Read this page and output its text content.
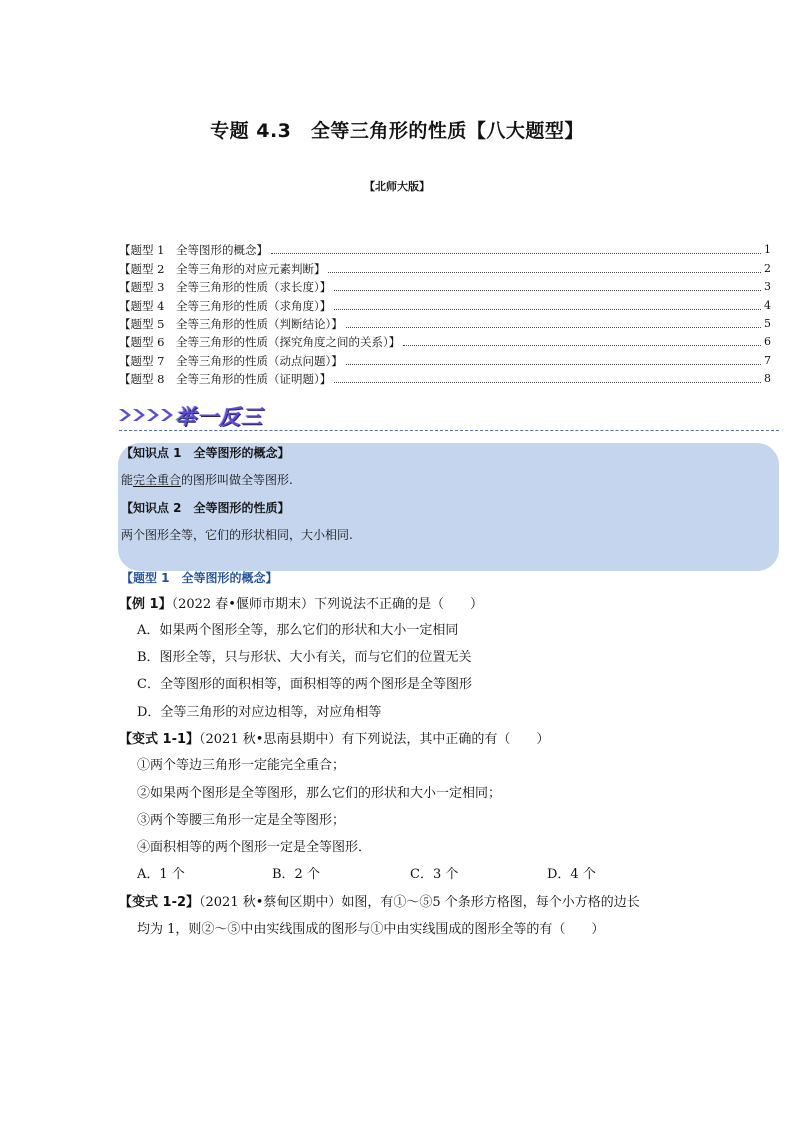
专题 4.3　全等三角形的性质【八大题型】
【北师大版】
【题型 1　全等图形的概念】	1
【题型 2　全等三角形的对应元素判断】	2
【题型 3　全等三角形的性质（求长度）】	3
【题型 4　全等三角形的性质（求角度）】	4
【题型 5　全等三角形的性质（判断结论）】	5
【题型 6　全等三角形的性质（探究角度之间的关系）】	6
【题型 7　全等三角形的性质（动点问题）】	7
【题型 8　全等三角形的性质（证明题）】	8
举一反三
【知识点 1　全等图形的概念】
能完全重合的图形叫做全等图形.
【知识点 2　全等图形的性质】
两个图形全等，它们的形状相同，大小相同.
【题型 1　全等图形的概念】
【例 1】（2022 春•偃师市期末）下列说法不正确的是（　　）
A．如果两个图形全等，那么它们的形状和大小一定相同
B．图形全等，只与形状、大小有关，而与它们的位置无关
C．全等图形的面积相等，面积相等的两个图形是全等图形
D．全等三角形的对应边相等，对应角相等
【变式 1-1】（2021 秋•思南县期中）有下列说法，其中正确的有（　　）
①两个等边三角形一定能完全重合；
②如果两个图形是全等图形，那么它们的形状和大小一定相同；
③两个等腰三角形一定是全等图形；
④面积相等的两个图形一定是全等图形．
A．1 个	B．2 个	C．3 个	D．4 个
【变式 1-2】（2021 秋•蔡甸区期中）如图，有①～⑤5 个条形方格图，每个小方格的边长
均为 1，则②～⑤中由实线围成的图形与①中由实线围成的图形全等的有（　　）
